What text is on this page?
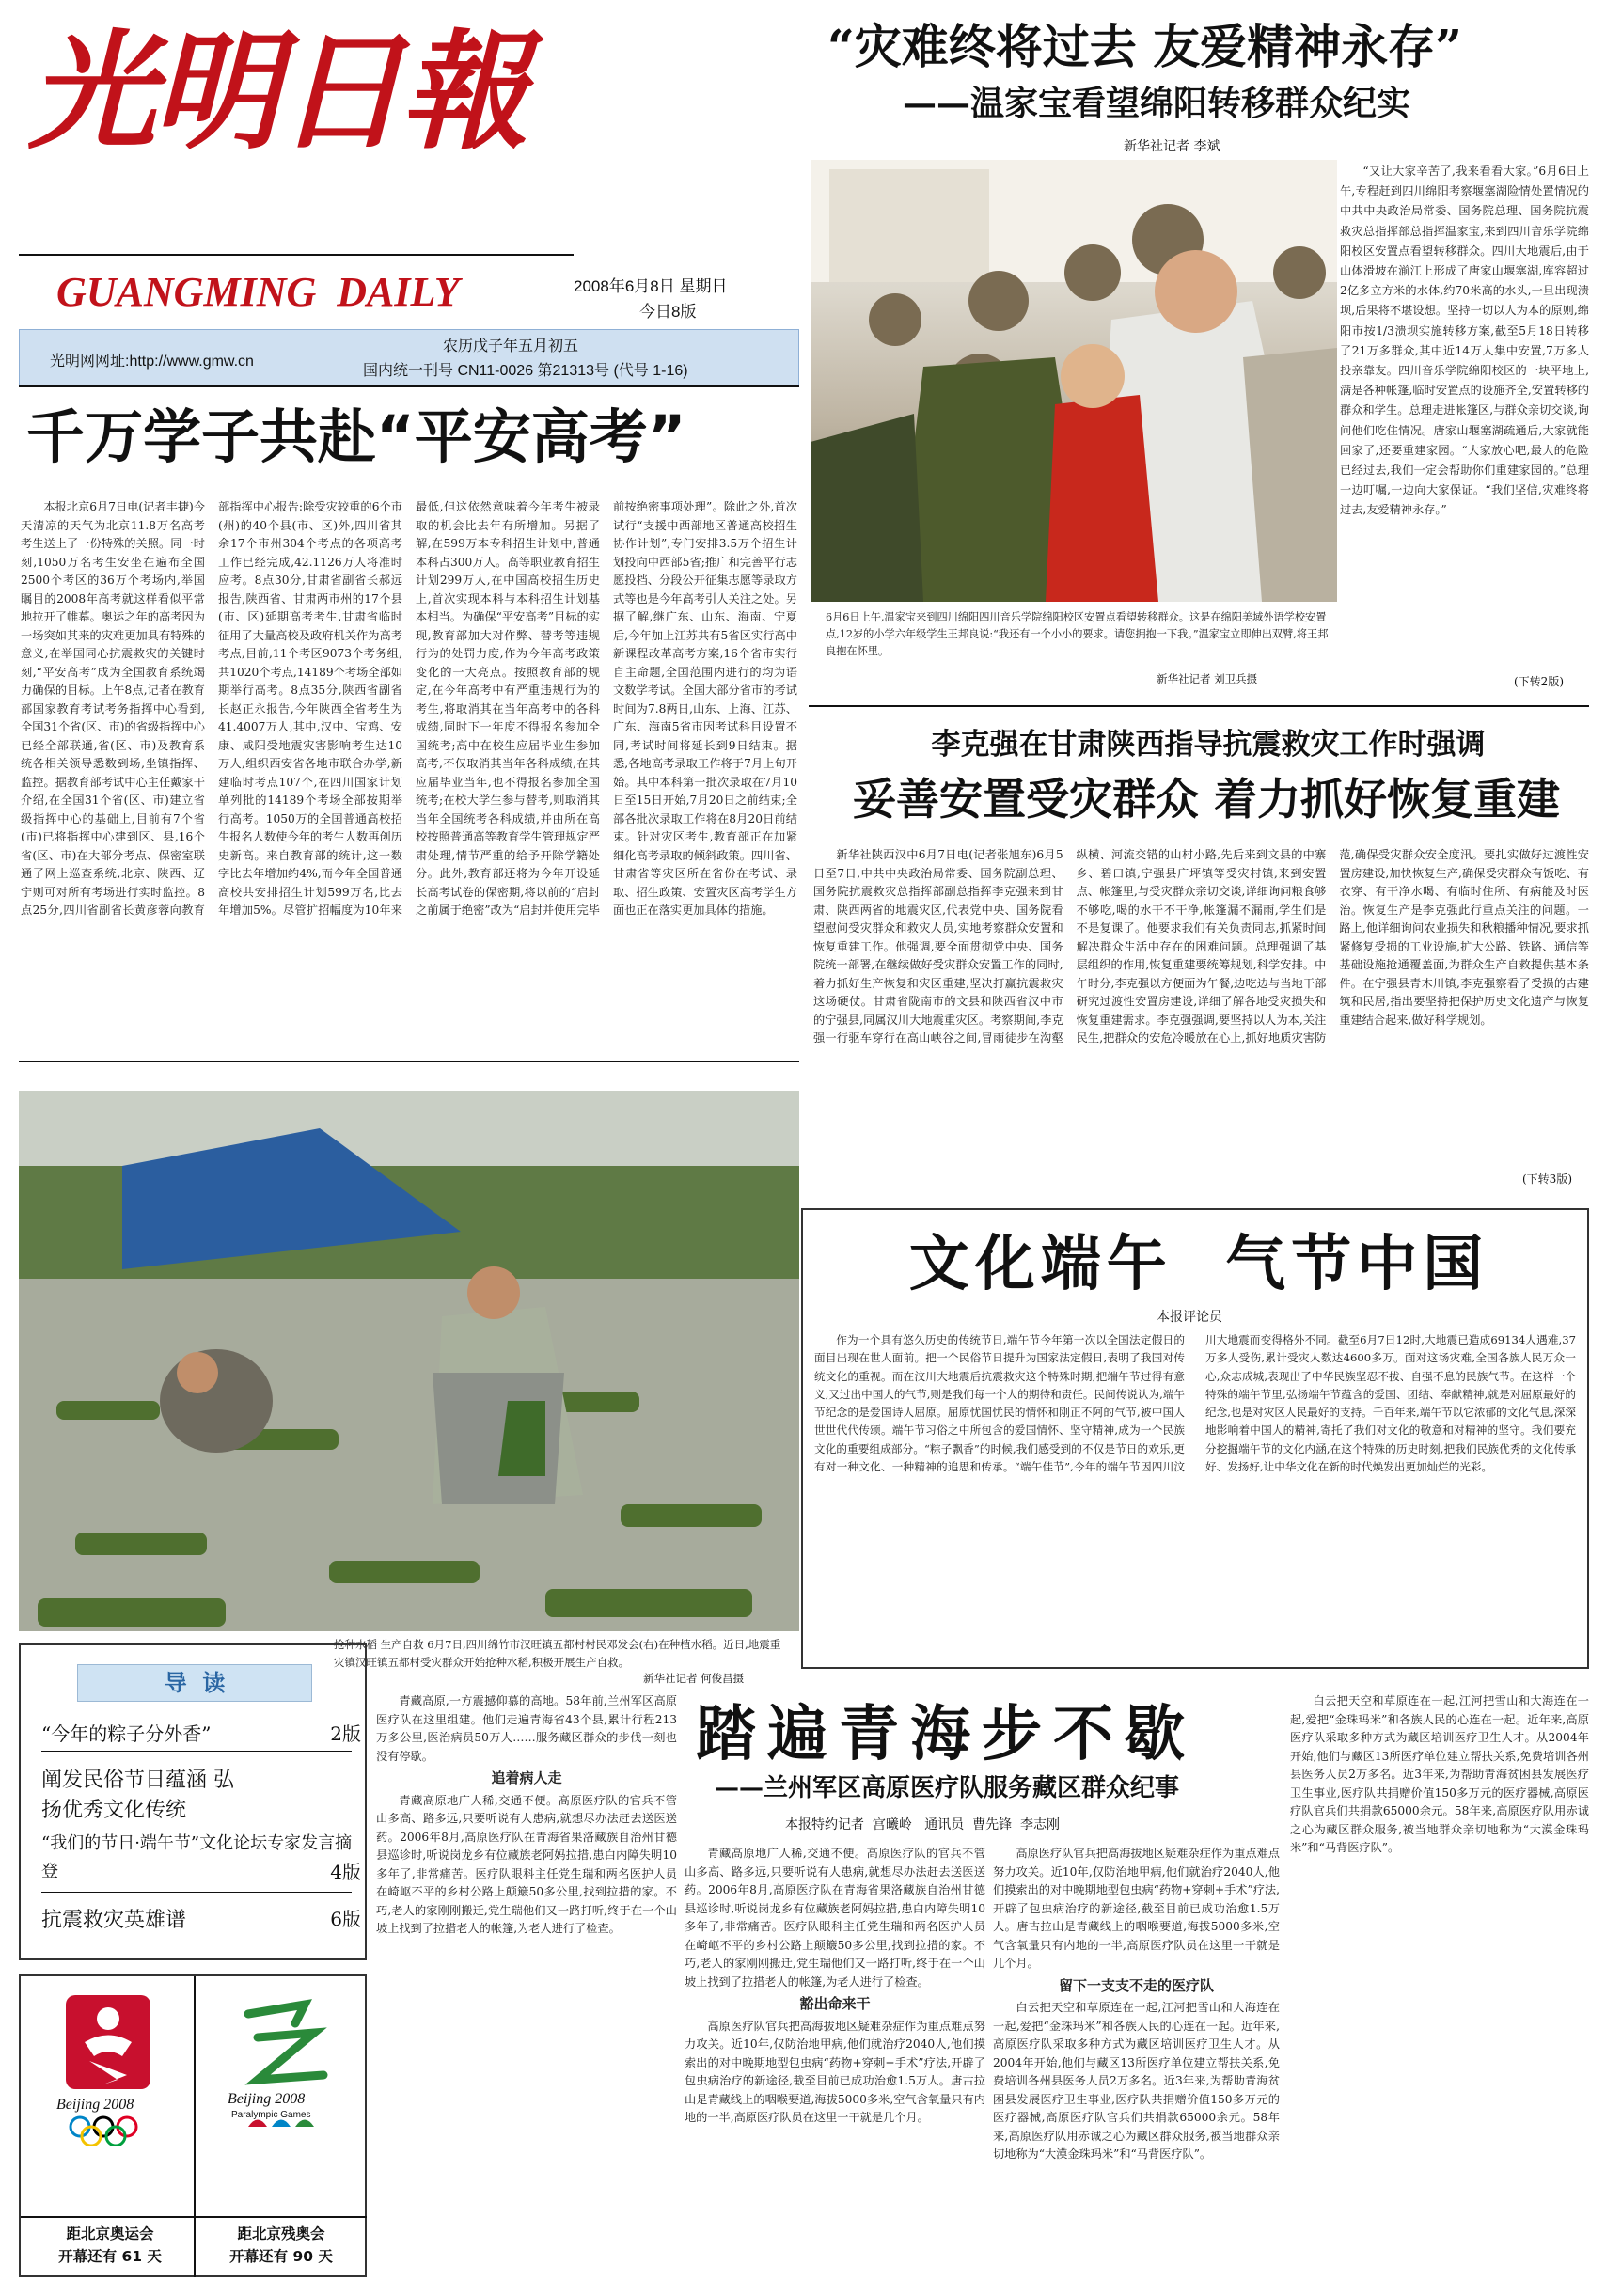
光明日報
GUANGMING  DAILY	2008年6月8日 星期日
今日8版
光明网网址:http://www.gmw.cn
农历戊子年五月初五
国内统一刊号 CN11-0026 第21313号 (代号 1-16)
“灾难终将过去 友爱精神永存”
——温家宝看望绵阳转移群众纪实
新华社记者 李斌
6月6日上午,温家宝来到四川绵阳四川音乐学院绵阳校区安置点看望转移群众。这是在绵阳美域外语学校安置点,12岁的小学六年级学生王邦良说:“我还有一个小小的要求。请您拥抱一下我。”温家宝立即伸出双臂,将王邦良抱在怀里。
新华社记者 刘卫兵摄

“又让大家辛苦了,我来看看大家。”6月6日上午,专程赶到四川绵阳考察堰塞湖险情处置情况的中共中央政治局常委、国务院总理、国务院抗震救灾总指挥部总指挥温家宝,来到四川音乐学院绵阳校区安置点看望转移群众。四川大地震后,由于山体滑坡在湔江上形成了唐家山堰塞湖,库容超过2亿多立方米的水体,约70米高的水头,一旦出现溃坝,后果将不堪设想。坚持一切以人为本的原则,绵阳市按1/3溃坝实施转移方案,截至5月18日转移了21万多群众,其中近14万人集中安置,7万多人投亲靠友。四川音乐学院绵阳校区的一块平地上,满是各种帐篷,临时安置点的设施齐全,安置转移的群众和学生。总理走进帐篷区,与群众亲切交谈,询问他们吃住情况。唐家山堰塞湖疏通后,大家就能回家了,还要重建家园。“大家放心吧,最大的危险已经过去,我们一定会帮助你们重建家园的。”总理一边叮嘱,一边向大家保证。“我们坚信,灾难终将过去,友爱精神永存。”

(下转2版)
千万学子共赴“平安高考”

本报北京6月7日电(记者丰捷)今天清凉的天气为北京11.8万名高考考生送上了一份特殊的关照。同一时刻,1050万名考生安坐在遍布全国2500个考区的36万个考场内,举国瞩目的2008年高考就这样看似平常地拉开了帷幕。奥运之年的高考因为一场突如其来的灾难更加具有特殊的意义,在举国同心抗震救灾的关键时刻,“平安高考”成为全国教育系统竭力确保的目标。上午8点,记者在教育部国家教育考试考务指挥中心看到,全国31个省(区、市)的省级指挥中心已经全部联通,省(区、市)及教育系统各相关领导悉数到场,坐镇指挥、监控。据教育部考试中心主任戴家干介绍,在全国31个省(区、市)建立省级指挥中心的基础上,目前有7个省(市)已将指挥中心建到区、县,16个省(区、市)在大部分考点、保密室联通了网上巡查系统,北京、陕西、辽宁则可对所有考场进行实时监控。8点25分,四川省副省长黄彦蓉向教育部指挥中心报告:除受灾较重的6个市(州)的40个县(市、区)外,四川省其余17个市州304个考点的各项高考工作已经完成,42.1126万人将准时应考。8点30分,甘肃省副省长郝远报告,陕西省、甘肃两市州的17个县(市、区)延期高考考生,甘肃省临时征用了大量高校及政府机关作为高考考点,目前,11个考区9073个考务组,共1020个考点,14189个考场全部如期举行高考。8点35分,陕西省副省长赵正永报告,今年陕西全省考生为41.4007万人,其中,汉中、宝鸡、安康、咸阳受地震灾害影响考生达10万人,组织西安省各地市联合办学,新建临时考点107个,在四川国家计划单列批的14189个考场全部按期举行高考。1050万的全国普通高校招生报名人数使今年的考生人数再创历史新高。来自教育部的统计,这一数字比去年增加约4%,而今年全国普通高校共安排招生计划599万名,比去年增加5%。尽管扩招幅度为10年来最低,但这依然意味着今年考生被录取的机会比去年有所增加。另据了解,在599万本专科招生计划中,普通本科占300万人。高等职业教育招生计划299万人,在中国高校招生历史上,首次实现本科与本科招生计划基本相当。为确保“平安高考”目标的实现,教育部加大对作弊、替考等违规行为的处罚力度,作为今年高考政策变化的一大亮点。按照教育部的规定,在今年高考中有严重违规行为的考生,将取消其在当年高考中的各科成绩,同时下一年度不得报名参加全国统考;高中在校生应届毕业生参加高考,不仅取消其当年各科成绩,在其应届毕业当年,也不得报名参加全国统考;在校大学生参与替考,则取消其当年全国统考各科成绩,并由所在高校按照普通高等教育学生管理规定严肃处理,情节严重的给予开除学籍处分。此外,教育部还将为今年开设延长高考试卷的保密期,将以前的“启封之前属于绝密”改为“启封并使用完毕前按绝密事项处理”。除此之外,首次试行“支援中西部地区普通高校招生协作计划”,专门安排3.5万个招生计划投向中西部5省;推广和完善平行志愿投档、分段公开征集志愿等录取方式等也是今年高考引人关注之处。另据了解,继广东、山东、海南、宁夏后,今年加上江苏共有5省区实行高中新课程改革高考方案,16个省市实行自主命题,全国范围内进行的均为语文数学考试。全国大部分省市的考试时间为7.8两日,山东、上海、江苏、广东、海南5省市因考试科目设置不同,考试时间将延长到9日结束。据悉,各地高考录取工作将于7月上旬开始。其中本科第一批次录取在7月10日至15日开始,7月20日之前结束;全部各批次录取工作将在8月20日前结束。针对灾区考生,教育部正在加紧细化高考录取的倾斜政策。四川省、甘肃省等灾区所在省份在考试、录取、招生政策、安置灾区高考学生方面也正在落实更加具体的措施。

李克强在甘肃陕西指导抗震救灾工作时强调
妥善安置受灾群众 着力抓好恢复重建

新华社陕西汉中6月7日电(记者张旭东)6月5日至7日,中共中央政治局常委、国务院副总理、国务院抗震救灾总指挥部副总指挥李克强来到甘肃、陕西两省的地震灾区,代表党中央、国务院看望慰问受灾群众和救灾人员,实地考察群众安置和恢复重建工作。他强调,要全面贯彻党中央、国务院统一部署,在继续做好受灾群众安置工作的同时,着力抓好生产恢复和灾区重建,坚决打赢抗震救灾这场硬仗。甘肃省陇南市的文县和陕西省汉中市的宁强县,同属汉川大地震重灾区。考察期间,李克强一行驱车穿行在高山峡谷之间,冒雨徒步在沟壑纵横、河流交错的山村小路,先后来到文县的中寨乡、碧口镇,宁强县广坪镇等受灾村镇,来到安置点、帐篷里,与受灾群众亲切交谈,详细询问粮食够不够吃,喝的水干不干净,帐篷漏不漏雨,学生们是不是复课了。他要求我们有关负责同志,抓紧时间解决群众生活中存在的困难问题。总理强调了基层组织的作用,恢复重建要统筹规划,科学安排。中午时分,李克强以方便面为午餐,边吃边与当地干部研究过渡性安置房建设,详细了解各地受灾损失和恢复重建需求。李克强强调,要坚持以人为本,关注民生,把群众的安危冷暖放在心上,抓好地质灾害防范,确保受灾群众安全度汛。要扎实做好过渡性安置房建设,加快恢复生产,确保受灾群众有饭吃、有衣穿、有干净水喝、有临时住所、有病能及时医治。恢复生产是李克强此行重点关注的问题。一路上,他详细询问农业损失和秋粮播种情况,要求抓紧修复受损的工业设施,扩大公路、铁路、通信等基础设施抢通覆盖面,为群众生产自救提供基本条件。在宁强县青木川镇,李克强察看了受损的古建筑和民居,指出要坚持把保护历史文化遗产与恢复重建结合起来,做好科学规划。

(下转3版)
抢种水稻 生产自救 6月7日,四川绵竹市汉旺镇五都村村民邓发会(右)在种植水稻。近日,地震重灾镇汉旺镇五都村受灾群众开始抢种水稻,积极开展生产自救。
新华社记者 何俊昌摄
文化端午  气节中国
本报评论员

作为一个具有悠久历史的传统节日,端午节今年第一次以全国法定假日的面目出现在世人面前。把一个民俗节日提升为国家法定假日,表明了我国对传统文化的重视。而在汶川大地震后抗震救灾这个特殊时期,把端午节过得有意义,又过出中国人的气节,则是我们每一个人的期待和责任。民间传说认为,端午节纪念的是爱国诗人屈原。屈原忧国忧民的情怀和刚正不阿的气节,被中国人世世代代传颂。端午节习俗之中所包含的爱国情怀、坚守精神,成为一个民族文化的重要组成部分。“粽子飘香”的时候,我们感受到的不仅是节日的欢乐,更有对一种文化、一种精神的追思和传承。“端午佳节”,今年的端午节因四川汶川大地震而变得格外不同。截至6月7日12时,大地震已造成69134人遇难,37万多人受伤,累计受灾人数达4600多万。面对这场灾难,全国各族人民万众一心,众志成城,表现出了中华民族坚忍不拔、自强不息的民族气节。在这样一个特殊的端午节里,弘扬端午节蕴含的爱国、团结、奉献精神,就是对屈原最好的纪念,也是对灾区人民最好的支持。千百年来,端午节以它浓郁的文化气息,深深地影响着中国人的精神,寄托了我们对文化的敬意和对精神的坚守。我们要充分挖掘端午节的文化内涵,在这个特殊的历史时刻,把我们民族优秀的文化传承好、发扬好,让中华文化在新的时代焕发出更加灿烂的光彩。

导  读
“今年的粽子分外香”	2版
阐发民俗节日蕴涵 弘扬优秀文化传统
“我们的节日·端午节”文化论坛专家发言摘登	4版
抗震救灾英雄谱	6版
Beijing 2008	Beijing 2008
Paralympic Games
距北京奥运会
开幕还有 61 天
距北京残奥会
开幕还有 90 天
踏遍青海步不歇
——兰州军区高原医疗队服务藏区群众纪事
本报特约记者  宫曦岭   通讯员  曹先锋  李志刚

青藏高原,一方震撼仰慕的高地。58年前,兰州军区高原医疗队在这里组建。他们走遍青海省43个县,累计行程213万多公里,医治病员50万人……服务藏区群众的步伐一刻也没有停歇。

追着病人走

青藏高原地广人稀,交通不便。高原医疗队的官兵不管山多高、路多远,只要听说有人患病,就想尽办法赶去送医送药。2006年8月,高原医疗队在青海省果洛藏族自治州甘德县巡诊时,听说岗龙乡有位藏族老阿妈拉措,患白内障失明10多年了,非常痛苦。医疗队眼科主任党生瑞和两名医护人员在崎岖不平的乡村公路上颠簸50多公里,找到拉措的家。不巧,老人的家刚刚搬迁,党生瑞他们又一路打听,终于在一个山坡上找到了拉措老人的帐篷,为老人进行了检查。

青藏高原地广人稀,交通不便。高原医疗队的官兵不管山多高、路多远,只要听说有人患病,就想尽办法赶去送医送药。2006年8月,高原医疗队在青海省果洛藏族自治州甘德县巡诊时,听说岗龙乡有位藏族老阿妈拉措,患白内障失明10多年了,非常痛苦。医疗队眼科主任党生瑞和两名医护人员在崎岖不平的乡村公路上颠簸50多公里,找到拉措的家。不巧,老人的家刚刚搬迁,党生瑞他们又一路打听,终于在一个山坡上找到了拉措老人的帐篷,为老人进行了检查。

豁出命来干

高原医疗队官兵把高海拔地区疑难杂症作为重点难点努力攻关。近10年,仅防治地甲病,他们就治疗2040人,他们摸索出的对中晚期地型包虫病“药物+穿刺+手术”疗法,开辟了包虫病治疗的新途径,截至目前已成功治愈1.5万人。唐古拉山是青藏线上的咽喉要道,海拔5000多米,空气含氧量只有内地的一半,高原医疗队员在这里一干就是几个月。

高原医疗队官兵把高海拔地区疑难杂症作为重点难点努力攻关。近10年,仅防治地甲病,他们就治疗2040人,他们摸索出的对中晚期地型包虫病“药物+穿刺+手术”疗法,开辟了包虫病治疗的新途径,截至目前已成功治愈1.5万人。唐古拉山是青藏线上的咽喉要道,海拔5000多米,空气含氧量只有内地的一半,高原医疗队员在这里一干就是几个月。

留下一支支不走的医疗队

白云把天空和草原连在一起,江河把雪山和大海连在一起,爱把“金珠玛米”和各族人民的心连在一起。近年来,高原医疗队采取多种方式为藏区培训医疗卫生人才。从2004年开始,他们与藏区13所医疗单位建立帮扶关系,免费培训各州县医务人员2万多名。近3年来,为帮助青海贫困县发展医疗卫生事业,医疗队共捐赠价值150多万元的医疗器械,高原医疗队官兵们共捐款65000余元。58年来,高原医疗队用赤诚之心为藏区群众服务,被当地群众亲切地称为“大漠金珠玛米”和“马背医疗队”。

白云把天空和草原连在一起,江河把雪山和大海连在一起,爱把“金珠玛米”和各族人民的心连在一起。近年来,高原医疗队采取多种方式为藏区培训医疗卫生人才。从2004年开始,他们与藏区13所医疗单位建立帮扶关系,免费培训各州县医务人员2万多名。近3年来,为帮助青海贫困县发展医疗卫生事业,医疗队共捐赠价值150多万元的医疗器械,高原医疗队官兵们共捐款65000余元。58年来,高原医疗队用赤诚之心为藏区群众服务,被当地群众亲切地称为“大漠金珠玛米”和“马背医疗队”。
